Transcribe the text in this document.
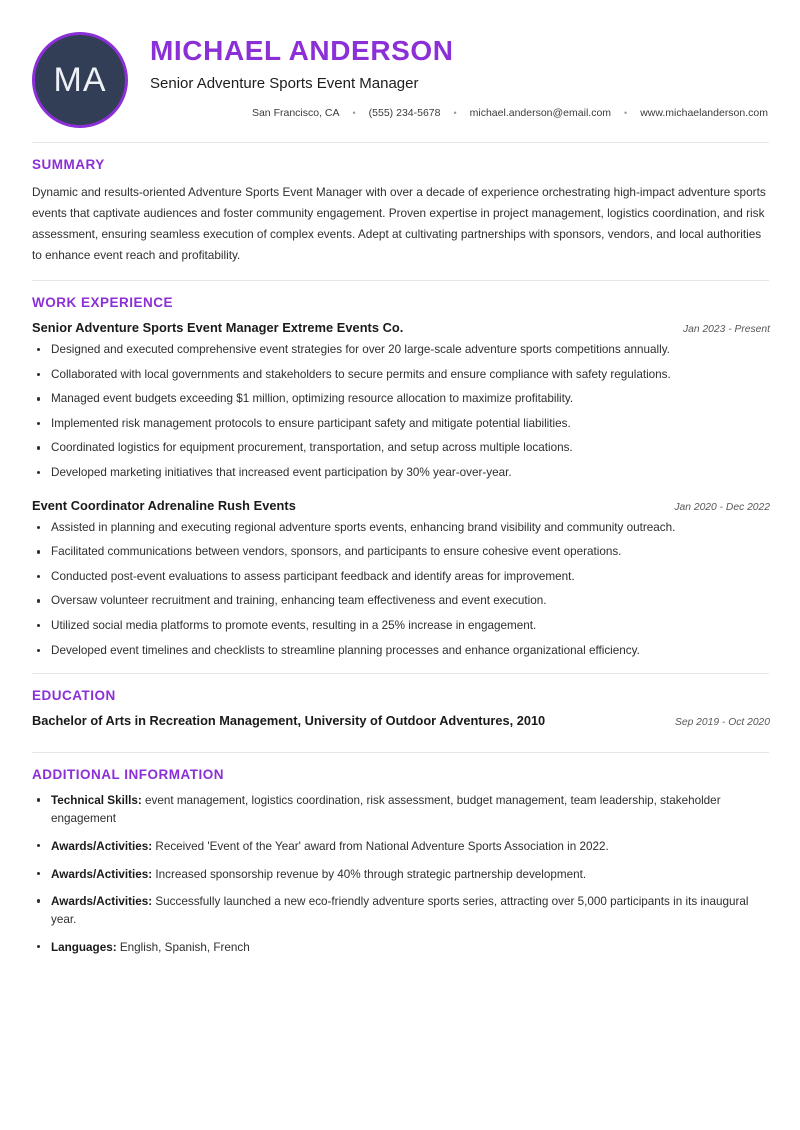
MA
MICHAEL ANDERSON
Senior Adventure Sports Event Manager
San Francisco, CA • (555) 234-5678 • michael.anderson@email.com • www.michaelanderson.com
SUMMARY

Dynamic and results-oriented Adventure Sports Event Manager with over a decade of experience orchestrating high-impact adventure sports events that captivate audiences and foster community engagement. Proven expertise in project management, logistics coordination, and risk assessment, ensuring seamless execution of complex events. Adept at cultivating partnerships with sponsors, vendors, and local authorities to enhance event reach and profitability.

WORK EXPERIENCE
Senior Adventure Sports Event Manager Extreme Events Co.	Jan 2023 - Present
Designed and executed comprehensive event strategies for over 20 large-scale adventure sports competitions annually.
Collaborated with local governments and stakeholders to secure permits and ensure compliance with safety regulations.
Managed event budgets exceeding $1 million, optimizing resource allocation to maximize profitability.
Implemented risk management protocols to ensure participant safety and mitigate potential liabilities.
Coordinated logistics for equipment procurement, transportation, and setup across multiple locations.
Developed marketing initiatives that increased event participation by 30% year-over-year.
Event Coordinator Adrenaline Rush Events	Jan 2020 - Dec 2022
Assisted in planning and executing regional adventure sports events, enhancing brand visibility and community outreach.
Facilitated communications between vendors, sponsors, and participants to ensure cohesive event operations.
Conducted post-event evaluations to assess participant feedback and identify areas for improvement.
Oversaw volunteer recruitment and training, enhancing team effectiveness and event execution.
Utilized social media platforms to promote events, resulting in a 25% increase in engagement.
Developed event timelines and checklists to streamline planning processes and enhance organizational efficiency.
EDUCATION
Bachelor of Arts in Recreation Management, University of Outdoor Adventures, 2010	Sep 2019 - Oct 2020
ADDITIONAL INFORMATION
Technical Skills: event management, logistics coordination, risk assessment, budget management, team leadership, stakeholder engagement
Awards/Activities: Received 'Event of the Year' award from National Adventure Sports Association in 2022.
Awards/Activities: Increased sponsorship revenue by 40% through strategic partnership development.
Awards/Activities: Successfully launched a new eco-friendly adventure sports series, attracting over 5,000 participants in its inaugural year.
Languages: English, Spanish, French
